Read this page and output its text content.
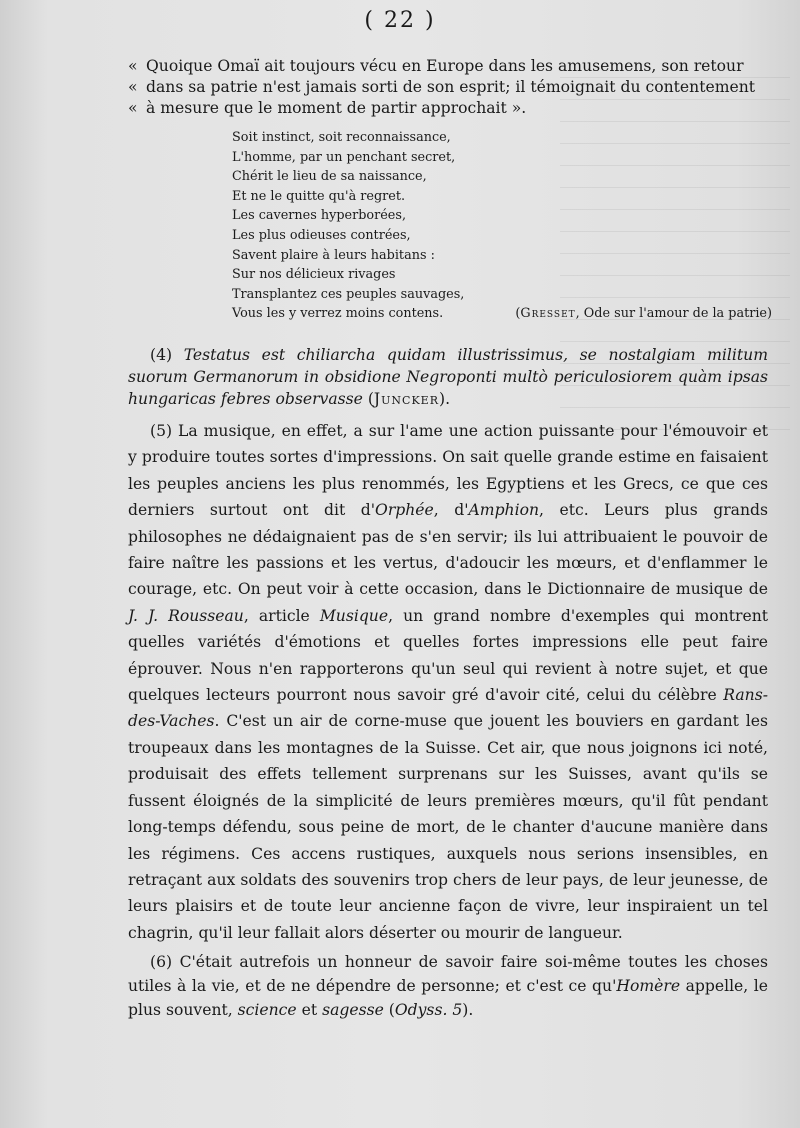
( 22 )
« Quoique Omaï ait toujours vécu en Europe dans les amusemens, son retour
« dans sa patrie n'est jamais sorti de son esprit; il témoignait du contentement
« à mesure que le moment de partir approchait ».
Soit instinct, soit reconnaissance,
L'homme, par un penchant secret,
Chérit le lieu de sa naissance,
Et ne le quitte qu'à regret.
Les cavernes hyperborées,
Les plus odieuses contrées,
Savent plaire à leurs habitans :
Sur nos délicieux rivages
Transplantez ces peuples sauvages,
Vous les y verrez moins contens.	(Gresset, Ode sur l'amour de la patrie)

(4) Testatus est chiliarcha quidam illustrissimus, se nostalgiam militum suorum Germanorum in obsidione Negroponti multò periculosiorem quàm ipsas hungaricas febres observasse (Juncker).

(5) La musique, en effet, a sur l'ame une action puissante pour l'émouvoir et y produire toutes sortes d'impressions. On sait quelle grande estime en faisaient les peuples anciens les plus renommés, les Egyptiens et les Grecs, ce que ces derniers surtout ont dit d'Orphée, d'Amphion, etc. Leurs plus grands philosophes ne dédaignaient pas de s'en servir; ils lui attribuaient le pouvoir de faire naître les passions et les vertus, d'adoucir les mœurs, et d'enflammer le courage, etc. On peut voir à cette occasion, dans le Dictionnaire de musique de J. J. Rousseau, article Musique, un grand nombre d'exemples qui montrent quelles variétés d'émotions et quelles fortes impressions elle peut faire éprouver. Nous n'en rapporterons qu'un seul qui revient à notre sujet, et que quelques lecteurs pourront nous savoir gré d'avoir cité, celui du célèbre Rans-des-Vaches. C'est un air de corne-muse que jouent les bouviers en gardant les troupeaux dans les montagnes de la Suisse. Cet air, que nous joignons ici noté, produisait des effets tellement surprenans sur les Suisses, avant qu'ils se fussent éloignés de la simplicité de leurs premières mœurs, qu'il fût pendant long-temps défendu, sous peine de mort, de le chanter d'aucune manière dans les régimens. Ces accens rustiques, auxquels nous serions insensibles, en retraçant aux soldats des souvenirs trop chers de leur pays, de leur jeunesse, de leurs plaisirs et de toute leur ancienne façon de vivre, leur inspiraient un tel chagrin, qu'il leur fallait alors déserter ou mourir de langueur.

(6) C'était autrefois un honneur de savoir faire soi-même toutes les choses utiles à la vie, et de ne dépendre de personne; et c'est ce qu'Homère appelle, le plus souvent, science et sagesse (Odyss. 5).
